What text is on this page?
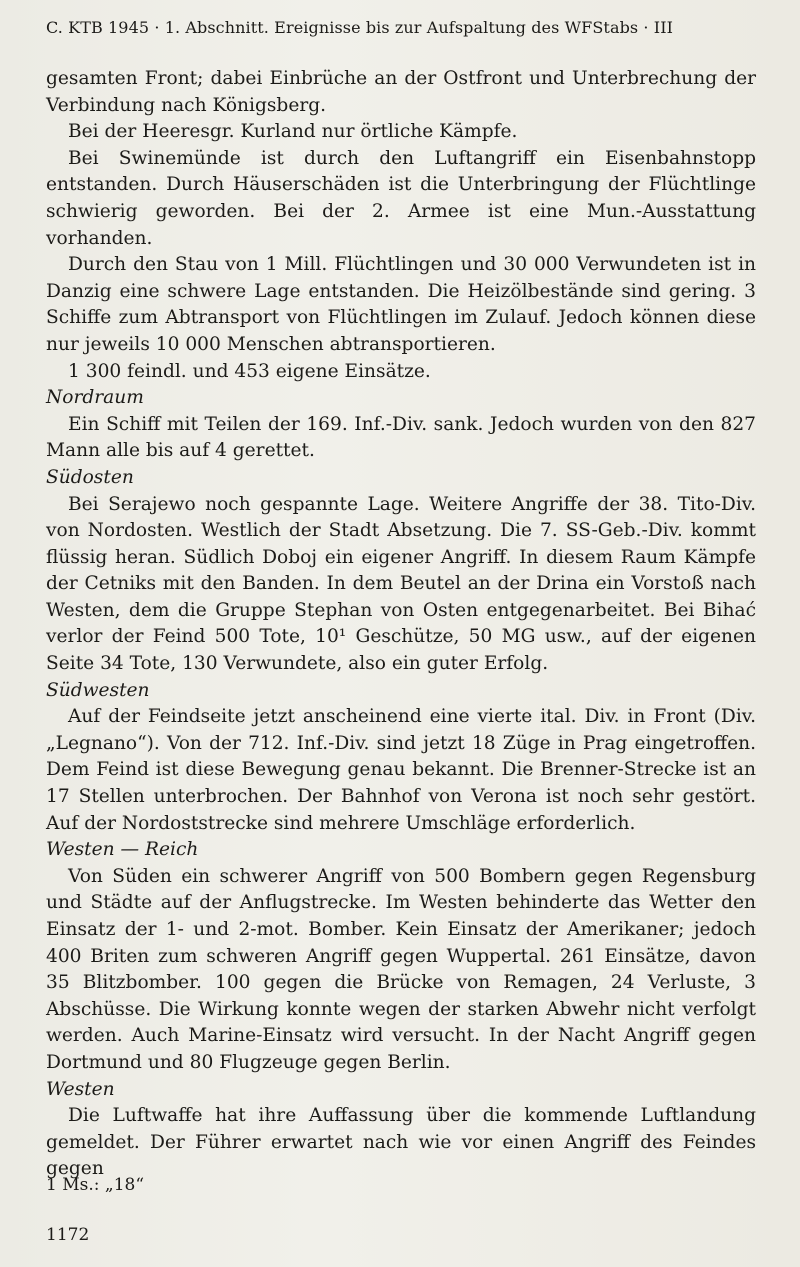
C. KTB 1945 · 1. Abschnitt. Ereignisse bis zur Aufspaltung des WFStabs · III

gesamten Front; dabei Einbrüche an der Ostfront und Unterbrechung der Verbindung nach Königsberg.

Bei der Heeresgr. Kurland nur örtliche Kämpfe.

Bei Swinemünde ist durch den Luftangriff ein Eisenbahnstopp entstanden. Durch Häuserschäden ist die Unterbringung der Flüchtlinge schwierig geworden. Bei der 2. Armee ist eine Mun.-Ausstattung vorhanden.

Durch den Stau von 1 Mill. Flüchtlingen und 30 000 Verwundeten ist in Danzig eine schwere Lage entstanden. Die Heizölbestände sind gering. 3 Schiffe zum Abtransport von Flüchtlingen im Zulauf. Jedoch können diese nur jeweils 10 000 Menschen abtransportieren.

1 300 feindl. und 453 eigene Einsätze.

Nordraum

Ein Schiff mit Teilen der 169. Inf.-Div. sank. Jedoch wurden von den 827 Mann alle bis auf 4 gerettet.

Südosten

Bei Serajewo noch gespannte Lage. Weitere Angriffe der 38. Tito-Div. von Nordosten. Westlich der Stadt Absetzung. Die 7. SS-Geb.-Div. kommt flüssig heran. Südlich Doboj ein eigener Angriff. In diesem Raum Kämpfe der Cetniks mit den Banden. In dem Beutel an der Drina ein Vorstoß nach Westen, dem die Gruppe Stephan von Osten entgegenarbeitet. Bei Bihać verlor der Feind 500 Tote, 10¹ Geschütze, 50 MG usw., auf der eigenen Seite 34 Tote, 130 Verwundete, also ein guter Erfolg.

Südwesten

Auf der Feindseite jetzt anscheinend eine vierte ital. Div. in Front (Div. „Legnano“). Von der 712. Inf.-Div. sind jetzt 18 Züge in Prag eingetroffen. Dem Feind ist diese Bewegung genau bekannt. Die Brenner-Strecke ist an 17 Stellen unterbrochen. Der Bahnhof von Verona ist noch sehr gestört. Auf der Nordoststrecke sind mehrere Umschläge erforderlich.

Westen — Reich

Von Süden ein schwerer Angriff von 500 Bombern gegen Regensburg und Städte auf der Anflugstrecke. Im Westen behinderte das Wetter den Einsatz der 1- und 2-mot. Bomber. Kein Einsatz der Amerikaner; jedoch 400 Briten zum schweren Angriff gegen Wuppertal. 261 Einsätze, davon 35 Blitzbomber. 100 gegen die Brücke von Remagen, 24 Verluste, 3 Abschüsse. Die Wirkung konnte wegen der starken Abwehr nicht verfolgt werden. Auch Marine-Einsatz wird versucht. In der Nacht Angriff gegen Dortmund und 80 Flugzeuge gegen Berlin.

Westen

Die Luftwaffe hat ihre Auffassung über die kommende Luftlandung gemeldet. Der Führer erwartet nach wie vor einen Angriff des Feindes gegen

1 Ms.: „18“
1172
